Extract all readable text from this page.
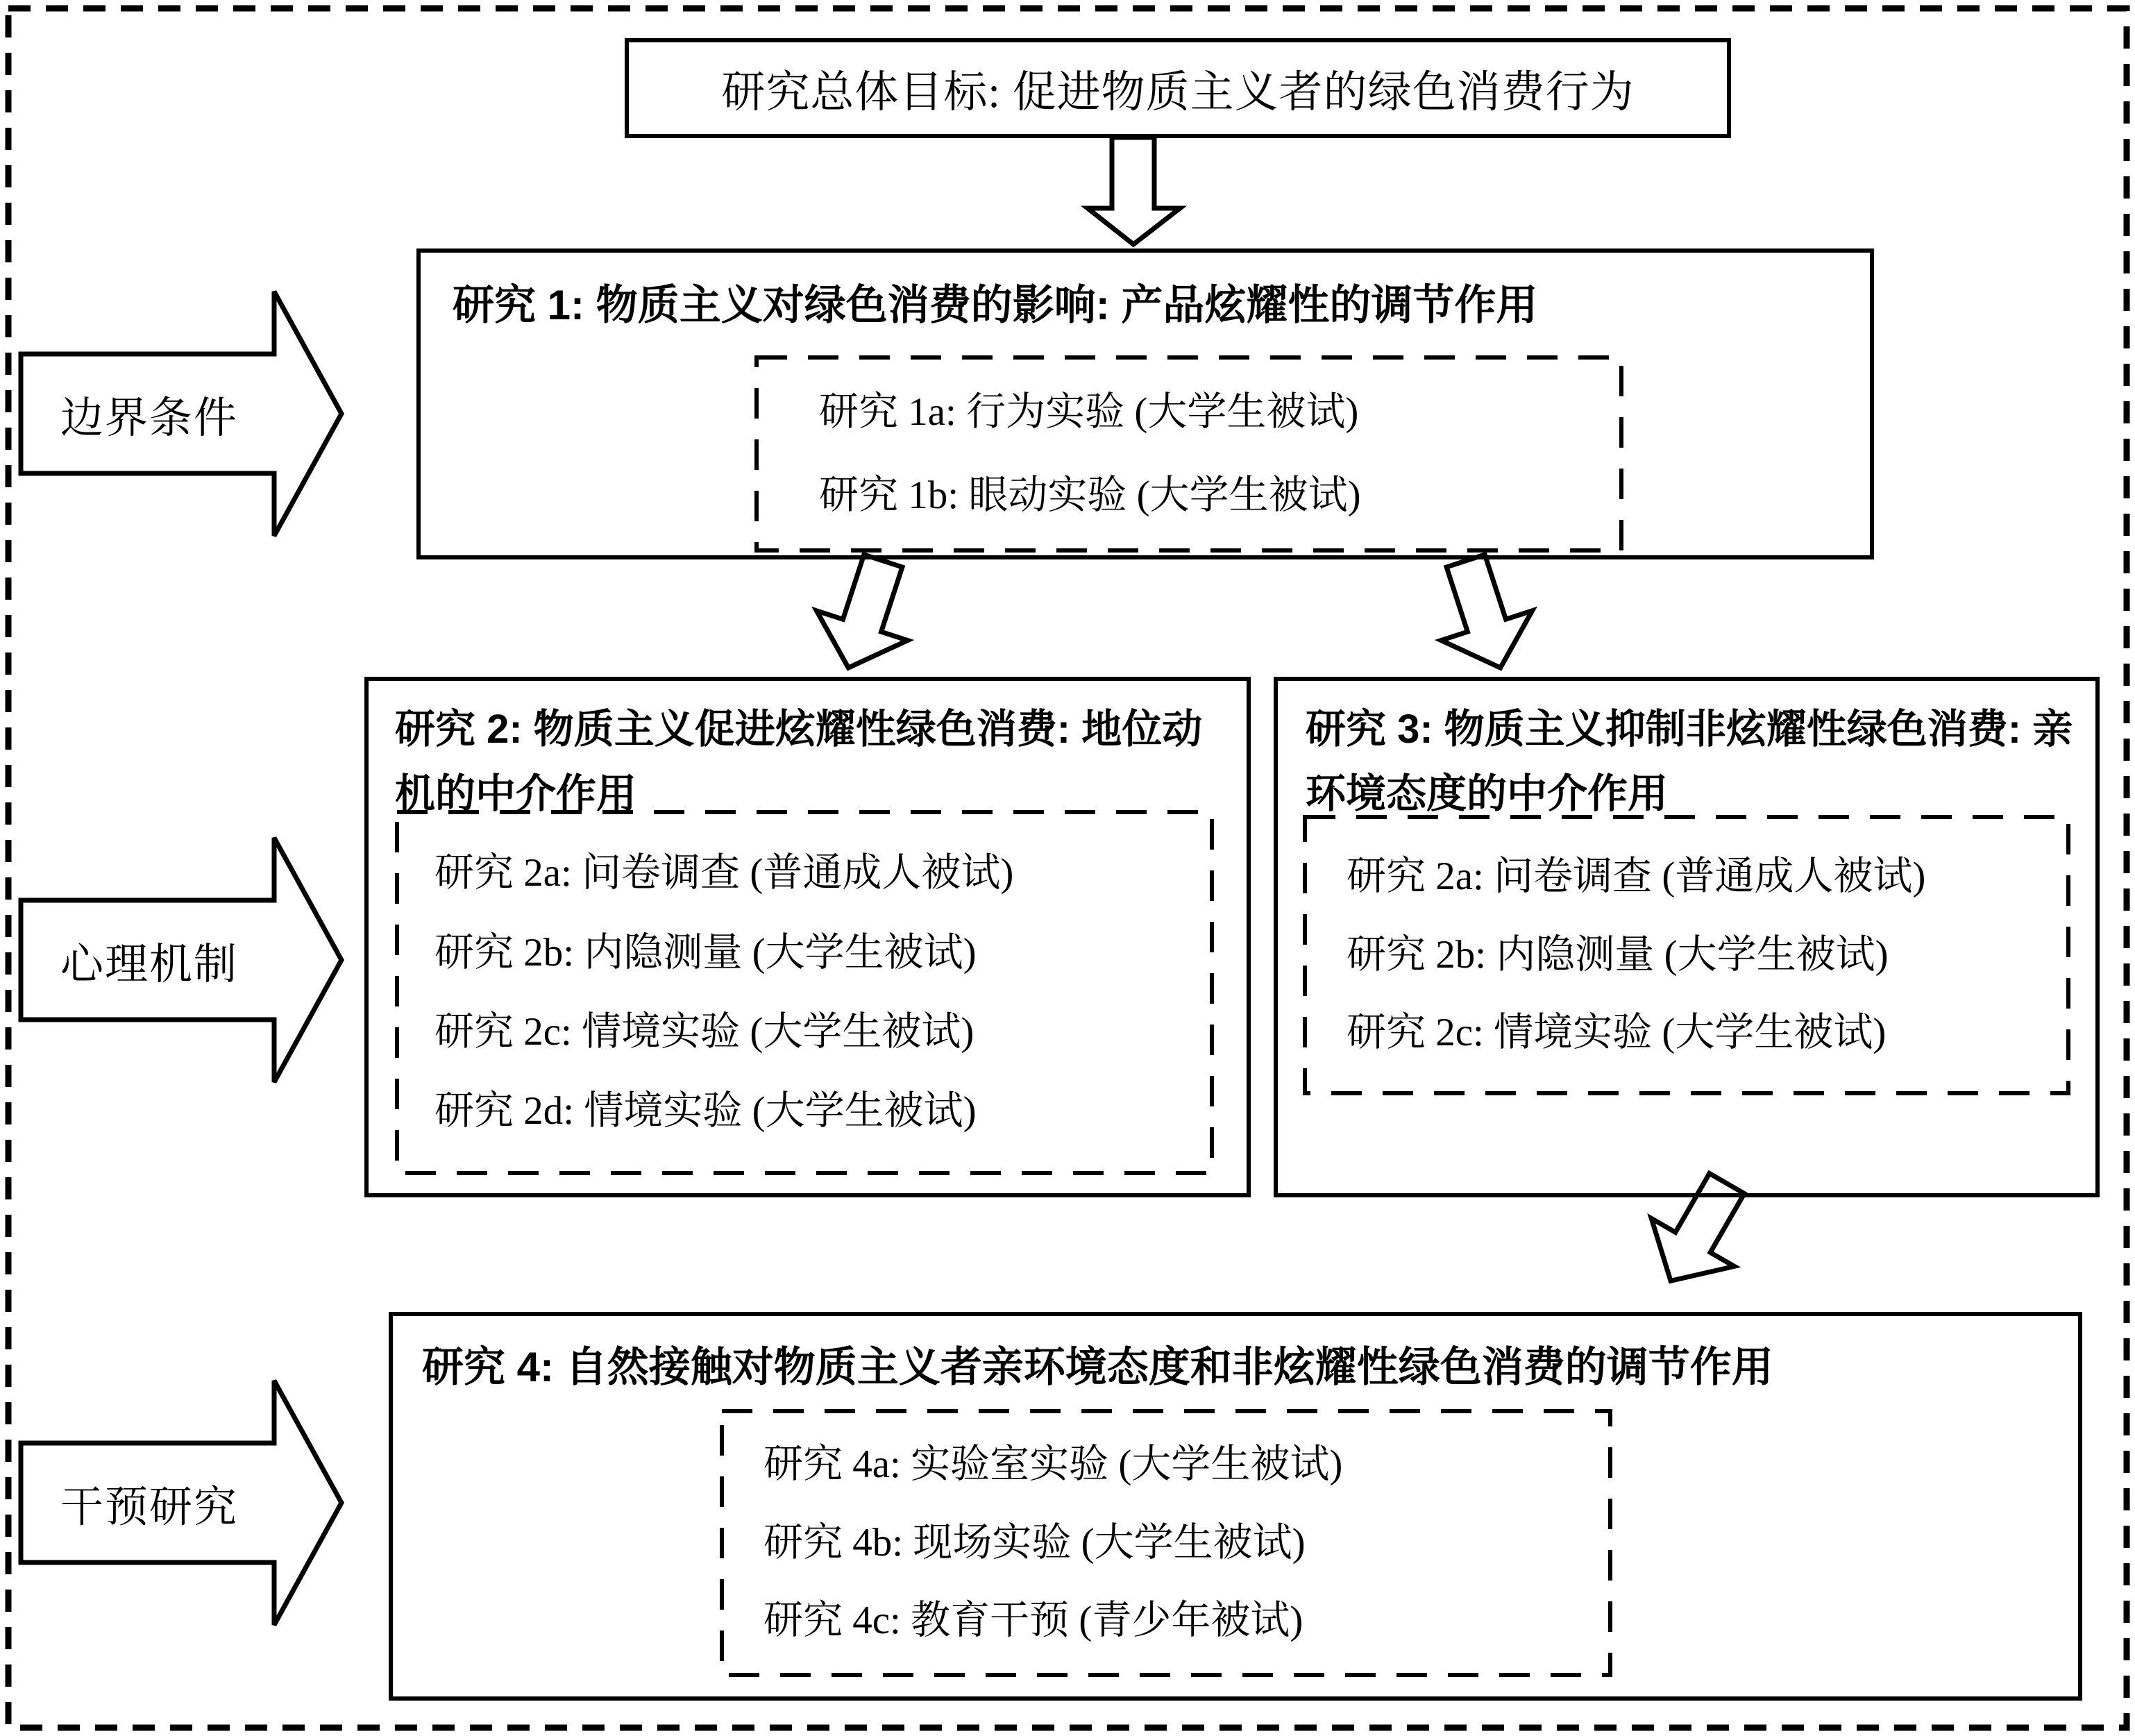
研究总体目标: 促进物质主义者的绿色消费行为
研究 1: 物质主义对绿色消费的影响: 产品炫耀性的调节作用
研究 1a: 行为实验 (大学生被试)
研究 1b: 眼动实验 (大学生被试)
研究 2: 物质主义促进炫耀性绿色消费: 地位动机的中介作用
研究 2a: 问卷调查 (普通成人被试)
研究 2b: 内隐测量 (大学生被试)
研究 2c: 情境实验 (大学生被试)
研究 2d: 情境实验 (大学生被试)
研究 3: 物质主义抑制非炫耀性绿色消费: 亲环境态度的中介作用
研究 2a: 问卷调查 (普通成人被试)
研究 2b: 内隐测量 (大学生被试)
研究 2c: 情境实验 (大学生被试)
研究 4: 自然接触对物质主义者亲环境态度和非炫耀性绿色消费的调节作用
研究 4a: 实验室实验 (大学生被试)
研究 4b: 现场实验 (大学生被试)
研究 4c: 教育干预 (青少年被试)
边界条件
心理机制
干预研究
